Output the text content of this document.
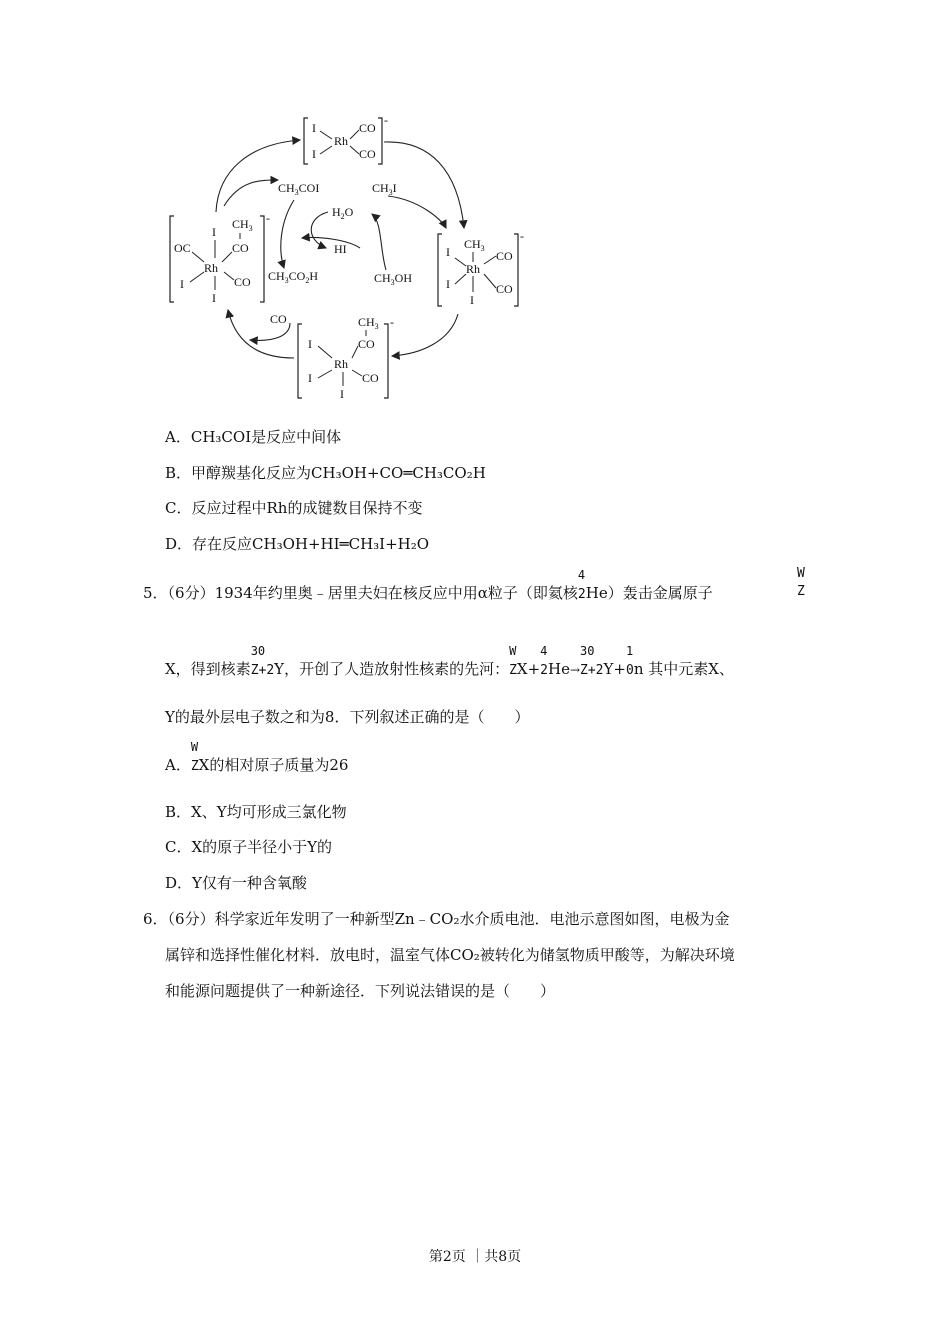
I
I
Rh
CO
CO
-
$CH_3$
CO
I
OC
Rh
I	CO
I
-
$CH_3$
I
Rh
CO
I	CO
I
-
$CH_3$
CO
I
Rh
I	CO
I
-
$CH_3COI$	$CH_3I$
$H_2O$
HI
$CH_3CO_2H$	$CH_3OH$
CO
A．CH₃COI是反应中间体
B．甲醇羰基化反应为CH₃OH+CO═CH₃CO₂H
C．反应过程中Rh的成键数目保持不变
D．存在反应CH₃OH+HI═CH₃I+H₂O
5．（6分）1934年约里奥﹣居里夫妇在核反应中用α粒子（即氦核
4
2He）轰击金属原子
W
Z
X，得到核素
30
Z+2Y，开创了人造放射性核素的先河：
W
ZX+
4
2He→
30
Z+2Y+
1
0n 其中元素X、
Y的最外层电子数之和为8．下列叙述正确的是（　　）
A．
W
ZX的相对原子质量为26
B．X、Y均可形成三氯化物
C．X的原子半径小于Y的
D．Y仅有一种含氧酸
6．（6分）科学家近年发明了一种新型Zn﹣CO₂水介质电池．电池示意图如图，电极为金
属锌和选择性催化材料．放电时，温室气体CO₂被转化为储氢物质甲酸等，为解决环境
和能源问题提供了一种新途径．下列说法错误的是（　　）
第2页 ｜共8页
